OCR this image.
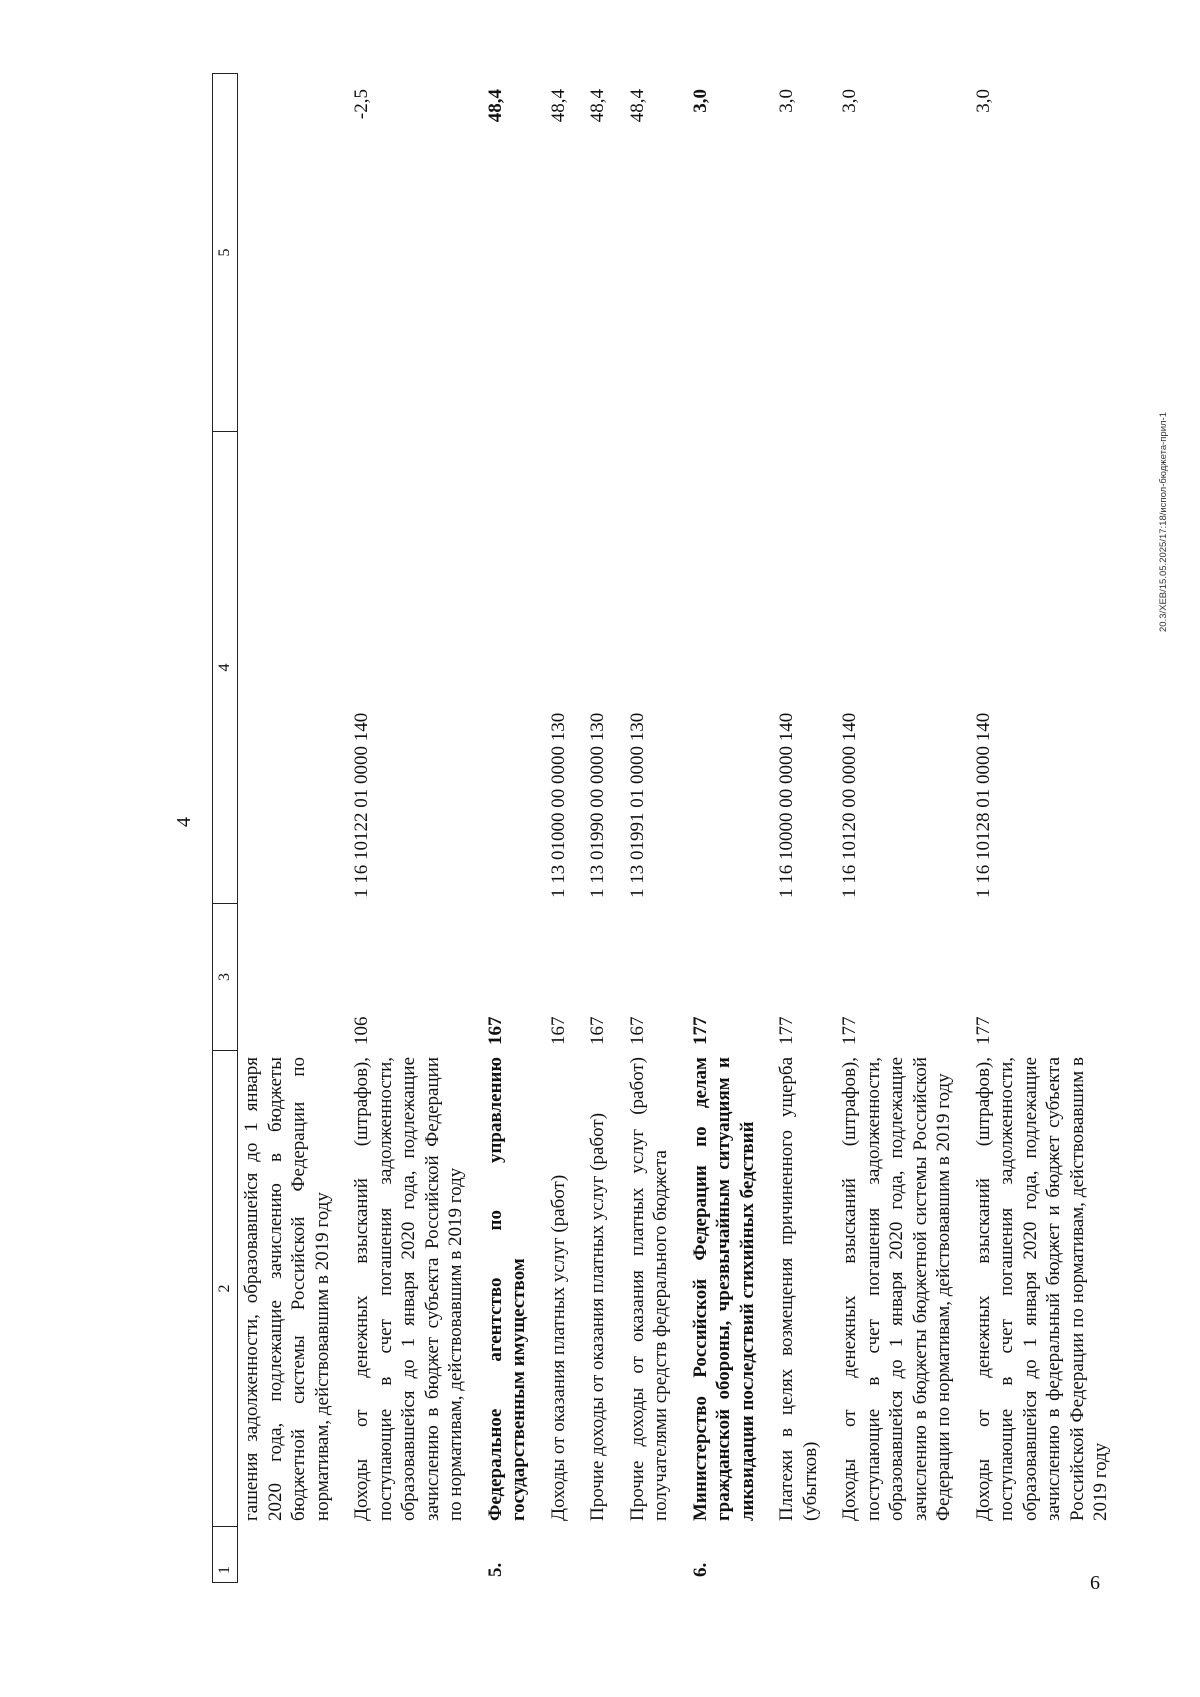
4
1
2
3
4
5
гашения задолженности, образовавшейся до 1 января 2020 года, подлежащие зачислению в бюджеты бюджетной системы Российской Федерации по нормативам, действовавшим в 2019 году Доходы от денежных взысканий (штрафов), поступающие в счет погашения задолженности, образовавшейся до 1 января 2020 года, подлежащие зачислению в бюджет субъекта Российской Федерации по нормативам, действовавшим в 2019 году
106
1 16 10122 01 0000 140
-2,5
5.
Федеральное агентство по управлению государственным имуществом
167
48,4
Доходы от оказания платных услуг (работ)
167
1 13 01000 00 0000 130
48,4
Прочие доходы от оказания платных услуг (работ)
167
1 13 01990 00 0000 130
48,4
Прочие доходы от оказания платных услуг (работ) получателями средств федерального бюджета
167
1 13 01991 01 0000 130
48,4
6.
Министерство Российской Федерации по делам гражданской обороны, чрезвычайным ситуациям и ликвидации последствий стихийных бедствий
177
3,0
Платежи в целях возмещения причиненного ущерба (убытков)
177
1 16 10000 00 0000 140
3,0
Доходы от денежных взысканий (штрафов), поступающие в счет погашения задолженности, образовавшейся до 1 января 2020 года, подлежащие зачислению в бюджеты бюджетной системы Российской Федерации по нормативам, действовавшим в 2019 году
177
1 16 10120 00 0000 140
3,0
Доходы от денежных взысканий (штрафов), поступающие в счет погашения задолженности, образовавшейся до 1 января 2020 года, подлежащие зачислению в федеральный бюджет и бюджет субъекта Российской Федерации по нормативам, действовавшим в 2019 году
177
1 16 10128 01 0000 140
3,0
6
20.3/ХЕВ/15.05.2025/17:18/испол-бюджета-прил-1
